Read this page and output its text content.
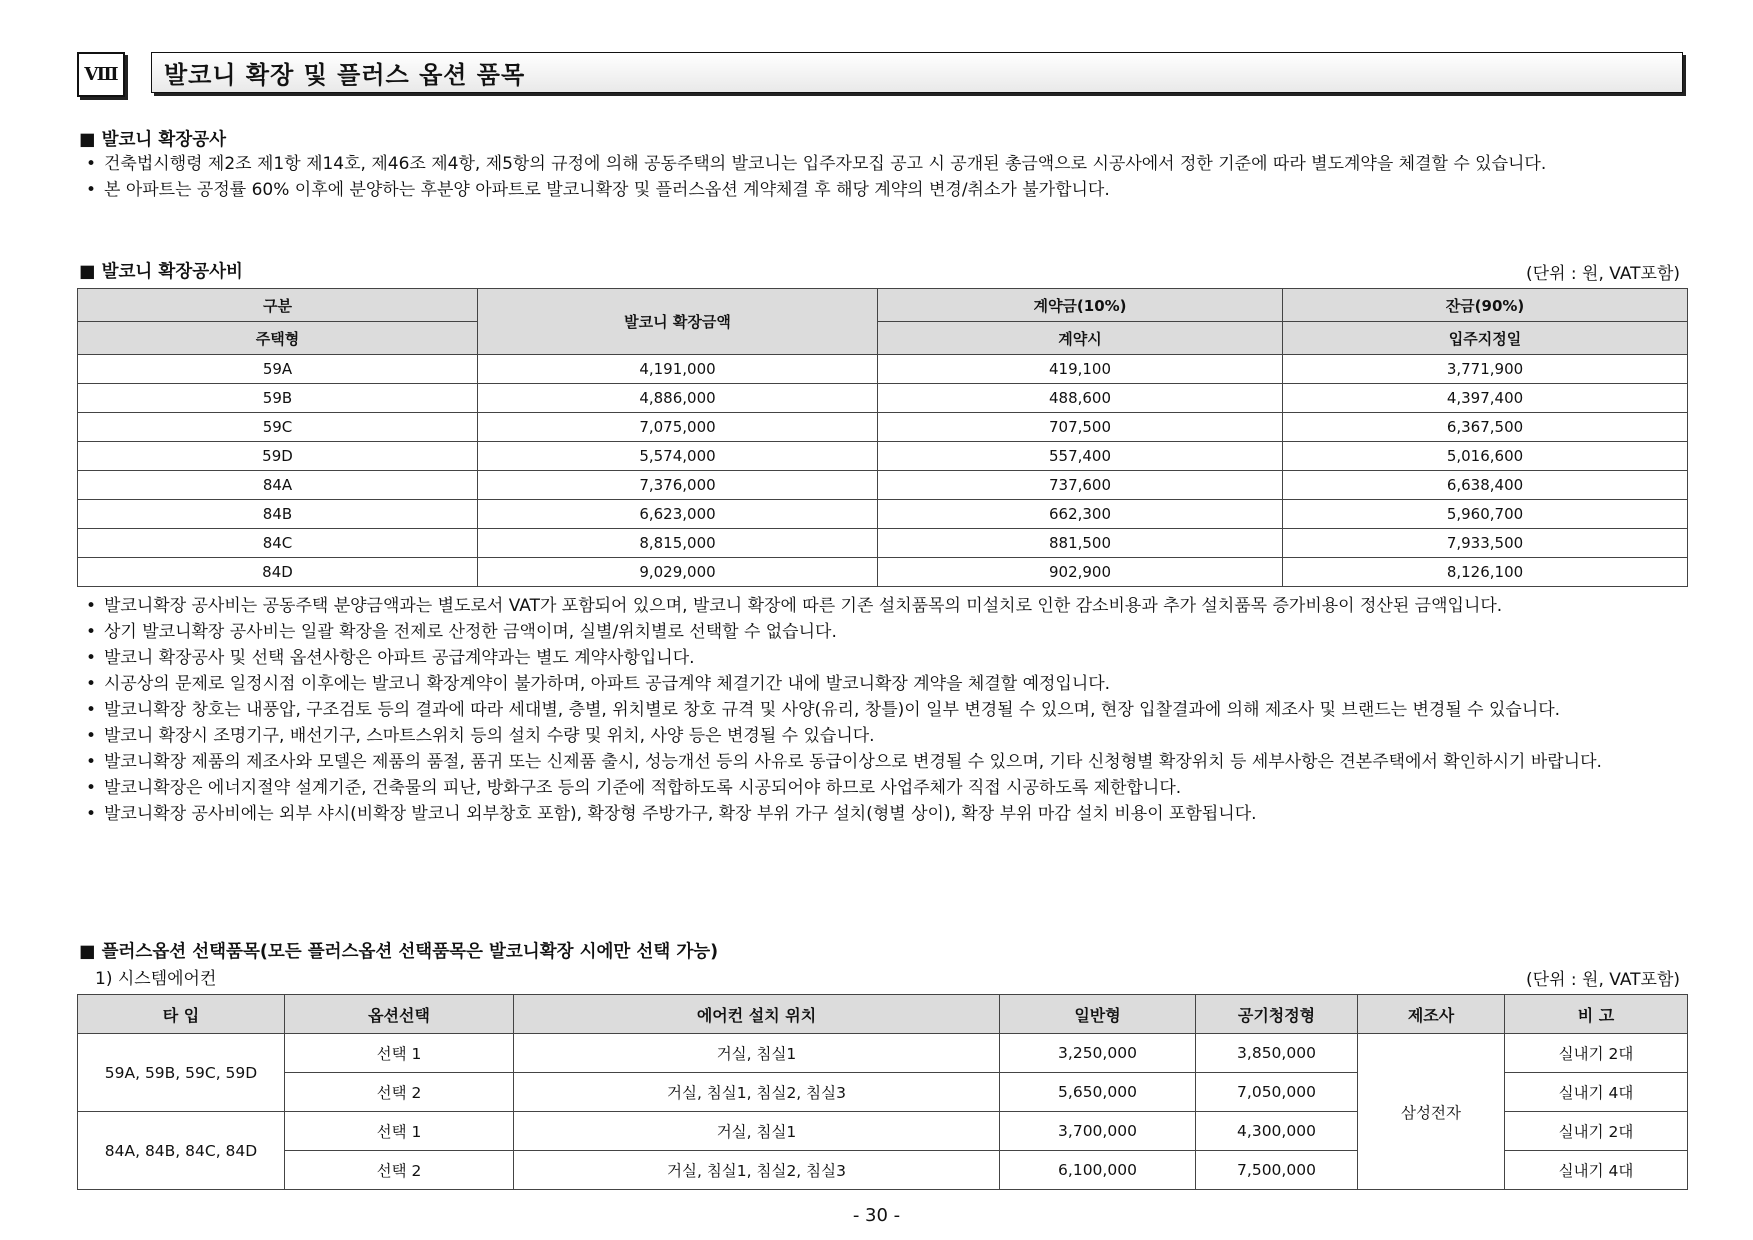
Ⅷ	발코니 확장 및 플러스 옵션 품목
■ 발코니 확장공사
• 건축법시행령 제2조 제1항 제14호, 제46조 제4항, 제5항의 규정에 의해 공동주택의 발코니는 입주자모집 공고 시 공개된 총금액으로 시공사에서 정한 기준에 따라 별도계약을 체결할 수 있습니다.
• 본 아파트는 공정률 60% 이후에 분양하는 후분양 아파트로 발코니확장 및 플러스옵션 계약체결 후 해당 계약의 변경/취소가 불가합니다.
■ 발코니 확장공사비	(단위 : 원, VAT포함)
구분	발코니 확장금액	계약금(10%)	잔금(90%)
주택형		계약시	입주지정일
59A	4,191,000	419,100	3,771,900
59B	4,886,000	488,600	4,397,400
59C	7,075,000	707,500	6,367,500
59D	5,574,000	557,400	5,016,600
84A	7,376,000	737,600	6,638,400
84B	6,623,000	662,300	5,960,700
84C	8,815,000	881,500	7,933,500
84D	9,029,000	902,900	8,126,100
• 발코니확장 공사비는 공동주택 분양금액과는 별도로서 VAT가 포함되어 있으며, 발코니 확장에 따른 기존 설치품목의 미설치로 인한 감소비용과 추가 설치품목 증가비용이 정산된 금액입니다.
• 상기 발코니확장 공사비는 일괄 확장을 전제로 산정한 금액이며, 실별/위치별로 선택할 수 없습니다.
• 발코니 확장공사 및 선택 옵션사항은 아파트 공급계약과는 별도 계약사항입니다.
• 시공상의 문제로 일정시점 이후에는 발코니 확장계약이 불가하며, 아파트 공급계약 체결기간 내에 발코니확장 계약을 체결할 예정입니다.
• 발코니확장 창호는 내풍압, 구조검토 등의 결과에 따라 세대별, 층별, 위치별로 창호 규격 및 사양(유리, 창틀)이 일부 변경될 수 있으며, 현장 입찰결과에 의해 제조사 및 브랜드는 변경될 수 있습니다.
• 발코니 확장시 조명기구, 배선기구, 스마트스위치 등의 설치 수량 및 위치, 사양 등은 변경될 수 있습니다.
• 발코니확장 제품의 제조사와 모델은 제품의 품절, 품귀 또는 신제품 출시, 성능개선 등의 사유로 동급이상으로 변경될 수 있으며, 기타 신청형별 확장위치 등 세부사항은 견본주택에서 확인하시기 바랍니다.
• 발코니확장은 에너지절약 설계기준, 건축물의 피난, 방화구조 등의 기준에 적합하도록 시공되어야 하므로 사업주체가 직접 시공하도록 제한합니다.
• 발코니확장 공사비에는 외부 샤시(비확장 발코니 외부창호 포함), 확장형 주방가구, 확장 부위 가구 설치(형별 상이), 확장 부위 마감 설치 비용이 포함됩니다.
■ 플러스옵션 선택품목(모든 플러스옵션 선택품목은 발코니확장 시에만 선택 가능)
1) 시스템에어컨	(단위 : 원, VAT포함)
타 입	옵션선택	에어컨 설치 위치	일반형	공기청정형	제조사	비 고
59A, 59B, 59C, 59D	선택 1	거실, 침실1	3,250,000	3,850,000	삼성전자	실내기 2대
	선택 2	거실, 침실1, 침실2, 침실3	5,650,000	7,050,000		실내기 4대
84A, 84B, 84C, 84D	선택 1	거실, 침실1	3,700,000	4,300,000		실내기 2대
	선택 2	거실, 침실1, 침실2, 침실3	6,100,000	7,500,000		실내기 4대
- 30 -
